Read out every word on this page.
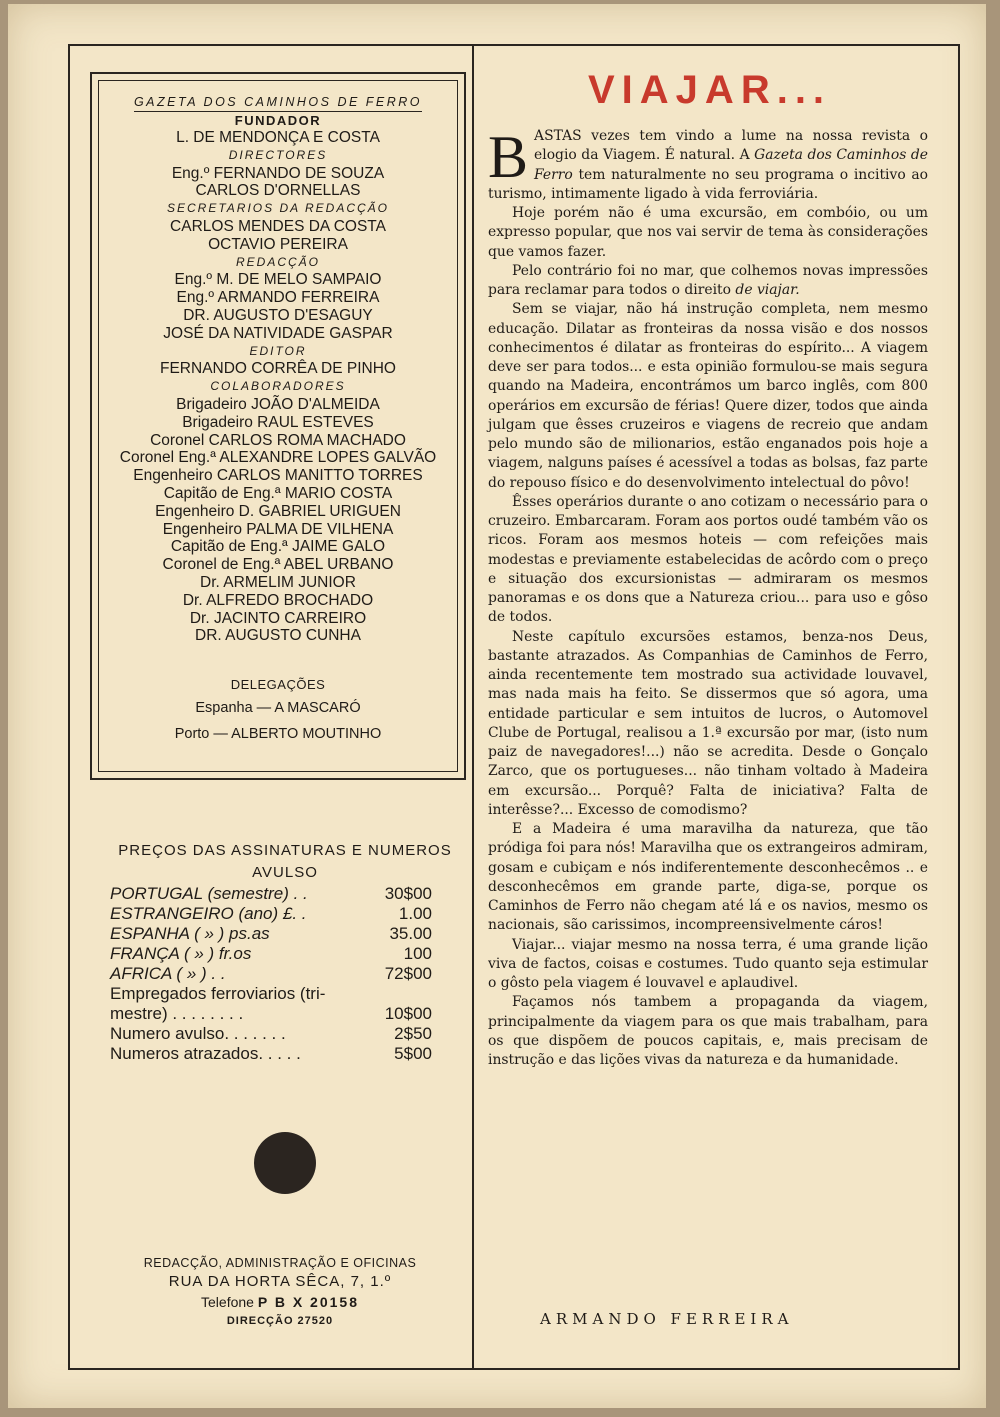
GAZETA DOS CAMINHOS DE FERRO
FUNDADOR
L. DE MENDONÇA E COSTA
DIRECTORES
Eng.º FERNANDO DE SOUZA
CARLOS D'ORNELLAS
SECRETARIOS DA REDACÇÃO
CARLOS MENDES DA COSTA
OCTAVIO PEREIRA
REDACÇÃO
Eng.º M. DE MELO SAMPAIO
Eng.º ARMANDO FERREIRA
DR. AUGUSTO D'ESAGUY
JOSÉ DA NATIVIDADE GASPAR
EDITOR
FERNANDO CORRÊA DE PINHO
COLABORADORES
Brigadeiro JOÃO D'ALMEIDA
Brigadeiro RAUL ESTEVES
Coronel CARLOS ROMA MACHADO
Coronel Eng.ª ALEXANDRE LOPES GALVÃO
Engenheiro CARLOS MANITTO TORRES
Capitão de Eng.ª MARIO COSTA
Engenheiro D. GABRIEL URIGUEN
Engenheiro PALMA DE VILHENA
Capitão de Eng.ª JAIME GALO
Coronel de Eng.ª ABEL URBANO
Dr. ARMELIM JUNIOR
Dr. ALFREDO BROCHADO
Dr. JACINTO CARREIRO
DR. AUGUSTO CUNHA
DELEGAÇÕES
Espanha — A MASCARÓ
Porto — ALBERTO MOUTINHO
PREÇOS DAS ASSINATURAS E NUMEROS
AVULSO
PORTUGAL (semestre) . .	30$00
ESTRANGEIRO (ano) £. .	1.00
ESPANHA ( » ) ps.as	35.00
FRANÇA ( » ) fr.os	100
AFRICA ( » ) . .	72$00
Empregados ferroviarios (tri-
mestre) . . . . . . . .	10$00
Numero avulso. . . . . . .	2$50
Numeros atrazados. . . . .	5$00
REDACÇÃO, ADMINISTRAÇÃO E OFICINAS
RUA DA HORTA SÊCA, 7, 1.º
Telefone P B X 20158
DIRECÇÃO 27520
VIAJAR...

BASTAS vezes tem vindo a lume na nossa revista o elogio da Viagem. É natural. A Gazeta dos Caminhos de Ferro tem naturalmente no seu programa o incitivo ao turismo, intimamente ligado à vida ferroviária.

Hoje porém não é uma excursão, em combóio, ou um expresso popular, que nos vai servir de tema às considerações que vamos fazer.

Pelo contrário foi no mar, que colhemos novas impressões para reclamar para todos o direito de viajar.

Sem se viajar, não há instrução completa, nem mesmo educação. Dilatar as fronteiras da nossa visão e dos nossos conhecimentos é dilatar as fronteiras do espírito... A viagem deve ser para todos... e esta opinião formulou-se mais segura quando na Madeira, encontrámos um barco inglês, com 800 operários em excursão de férias! Quere dizer, todos que ainda julgam que êsses cruzeiros e viagens de recreio que andam pelo mundo são de milionarios, estão enganados pois hoje a viagem, nalguns países é acessível a todas as bolsas, faz parte do repouso físico e do desenvolvimento intelectual do pôvo!

Êsses operários durante o ano cotizam o necessário para o cruzeiro. Embarcaram. Foram aos portos oudé também vão os ricos. Foram aos mesmos hoteis — com refeições mais modestas e previamente estabelecidas de acôrdo com o preço e situação dos excursionistas — admiraram os mesmos panoramas e os dons que a Natureza criou... para uso e gôso de todos.

Neste capítulo excursões estamos, benza-nos Deus, bastante atrazados. As Companhias de Caminhos de Ferro, ainda recentemente tem mostrado sua actividade louvavel, mas nada mais ha feito. Se dissermos que só agora, uma entidade particular e sem intuitos de lucros, o Automovel Clube de Portugal, realisou a 1.ª excursão por mar, (isto num paiz de navegadores!...) não se acredita. Desde o Gonçalo Zarco, que os portugueses... não tinham voltado à Madeira em excursão... Porquê? Falta de iniciativa? Falta de interêsse?... Excesso de comodismo?

E a Madeira é uma maravilha da natureza, que tão pródiga foi para nós! Maravilha que os extrangeiros admiram, gosam e cubiçam e nós indiferentemente desconhecêmos .. e desconhecêmos em grande parte, diga-se, porque os Caminhos de Ferro não chegam até lá e os navios, mesmo os nacionais, são carissimos, incompreensivelmente cáros!

Viajar... viajar mesmo na nossa terra, é uma grande lição viva de factos, coisas e costumes. Tudo quanto seja estimular o gôsto pela viagem é louvavel e aplaudivel.

Façamos nós tambem a propaganda da viagem, principalmente da viagem para os que mais trabalham, para os que dispõem de poucos capitais, e, mais precisam de instrução e das lições vivas da natureza e da humanidade.

ARMANDO FERREIRA
